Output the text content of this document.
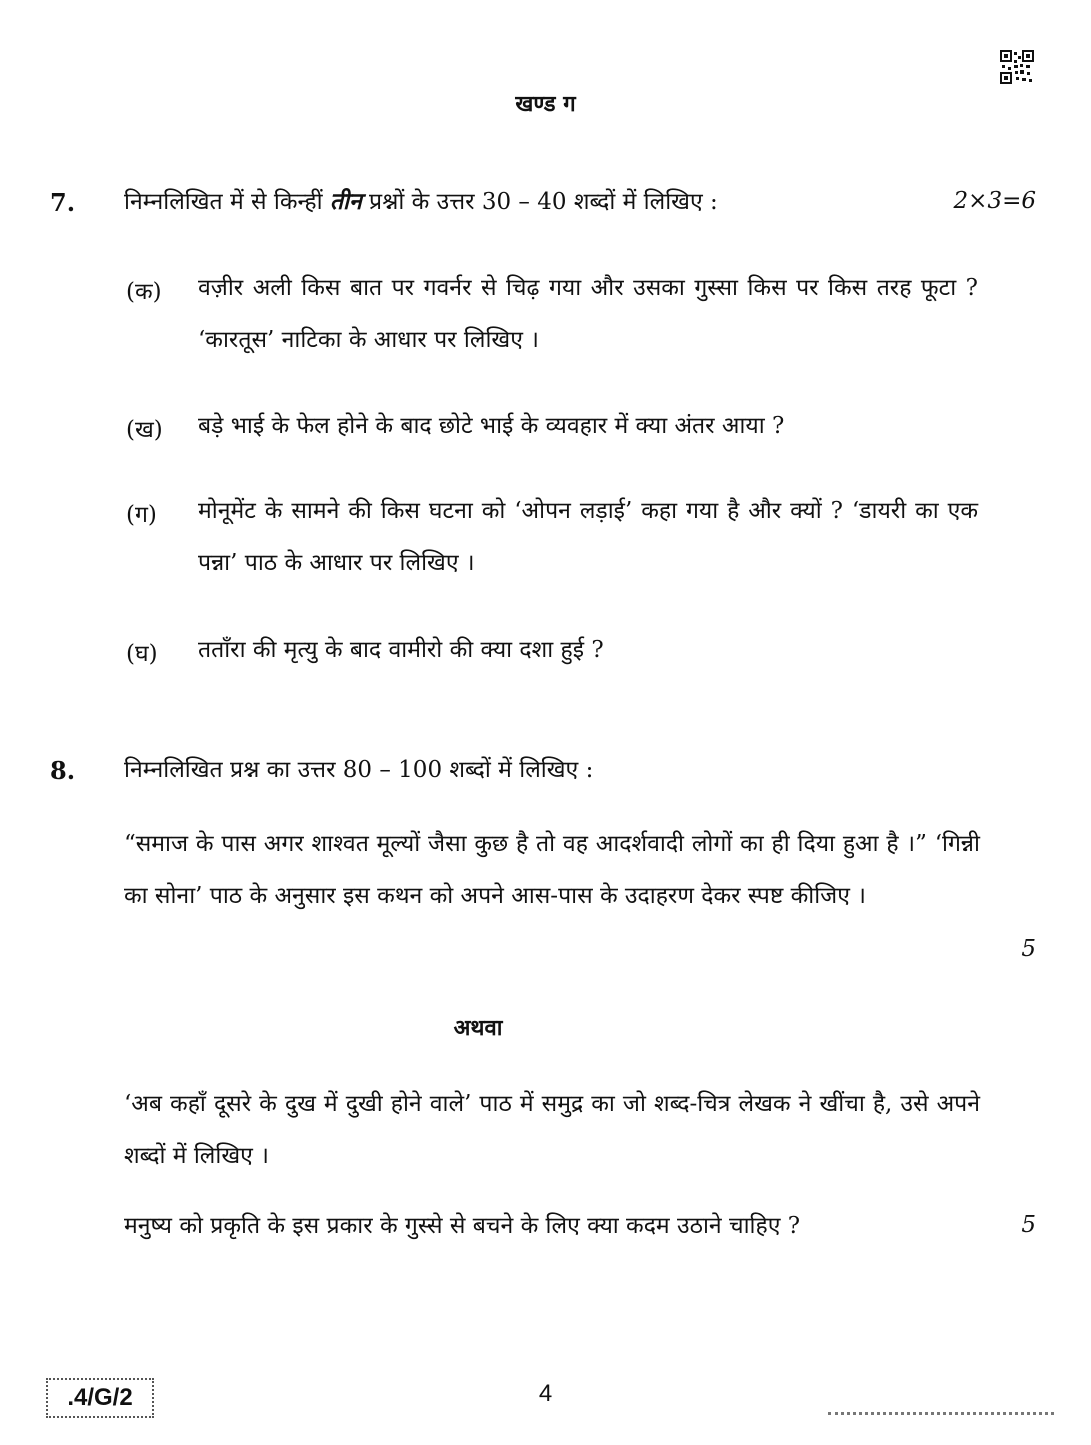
खण्ड ग
7. निम्नलिखित में से किन्हीं तीन प्रश्नों के उत्तर 30 – 40 शब्दों में लिखिए :	2×3=6
(क) वज़ीर अली किस बात पर गवर्नर से चिढ़ गया और उसका गुस्सा किस पर किस तरह फूटा ? ‘कारतूस’ नाटिका के आधार पर लिखिए ।
(ख) बड़े भाई के फेल होने के बाद छोटे भाई के व्यवहार में क्या अंतर आया ?
(ग) मोनूमेंट के सामने की किस घटना को ‘ओपन लड़ाई’ कहा गया है और क्यों ? ‘डायरी का एक पन्ना’ पाठ के आधार पर लिखिए ।
(घ) तताँरा की मृत्यु के बाद वामीरो की क्या दशा हुई ?
8. निम्नलिखित प्रश्न का उत्तर 80 – 100 शब्दों में लिखिए :
“समाज के पास अगर शाश्वत मूल्यों जैसा कुछ है तो वह आदर्शवादी लोगों का ही दिया हुआ है ।” ‘गिन्नी का सोना’ पाठ के अनुसार इस कथन को अपने आस-पास के उदाहरण देकर स्पष्ट कीजिए ।
5
अथवा
‘अब कहाँ दूसरे के दुख में दुखी होने वाले’ पाठ में समुद्र का जो शब्द-चित्र लेखक ने खींचा है, उसे अपने शब्दों में लिखिए ।
मनुष्य को प्रकृति के इस प्रकार के गुस्से से बचने के लिए क्या कदम उठाने चाहिए ?	5
.4/G/2	4
